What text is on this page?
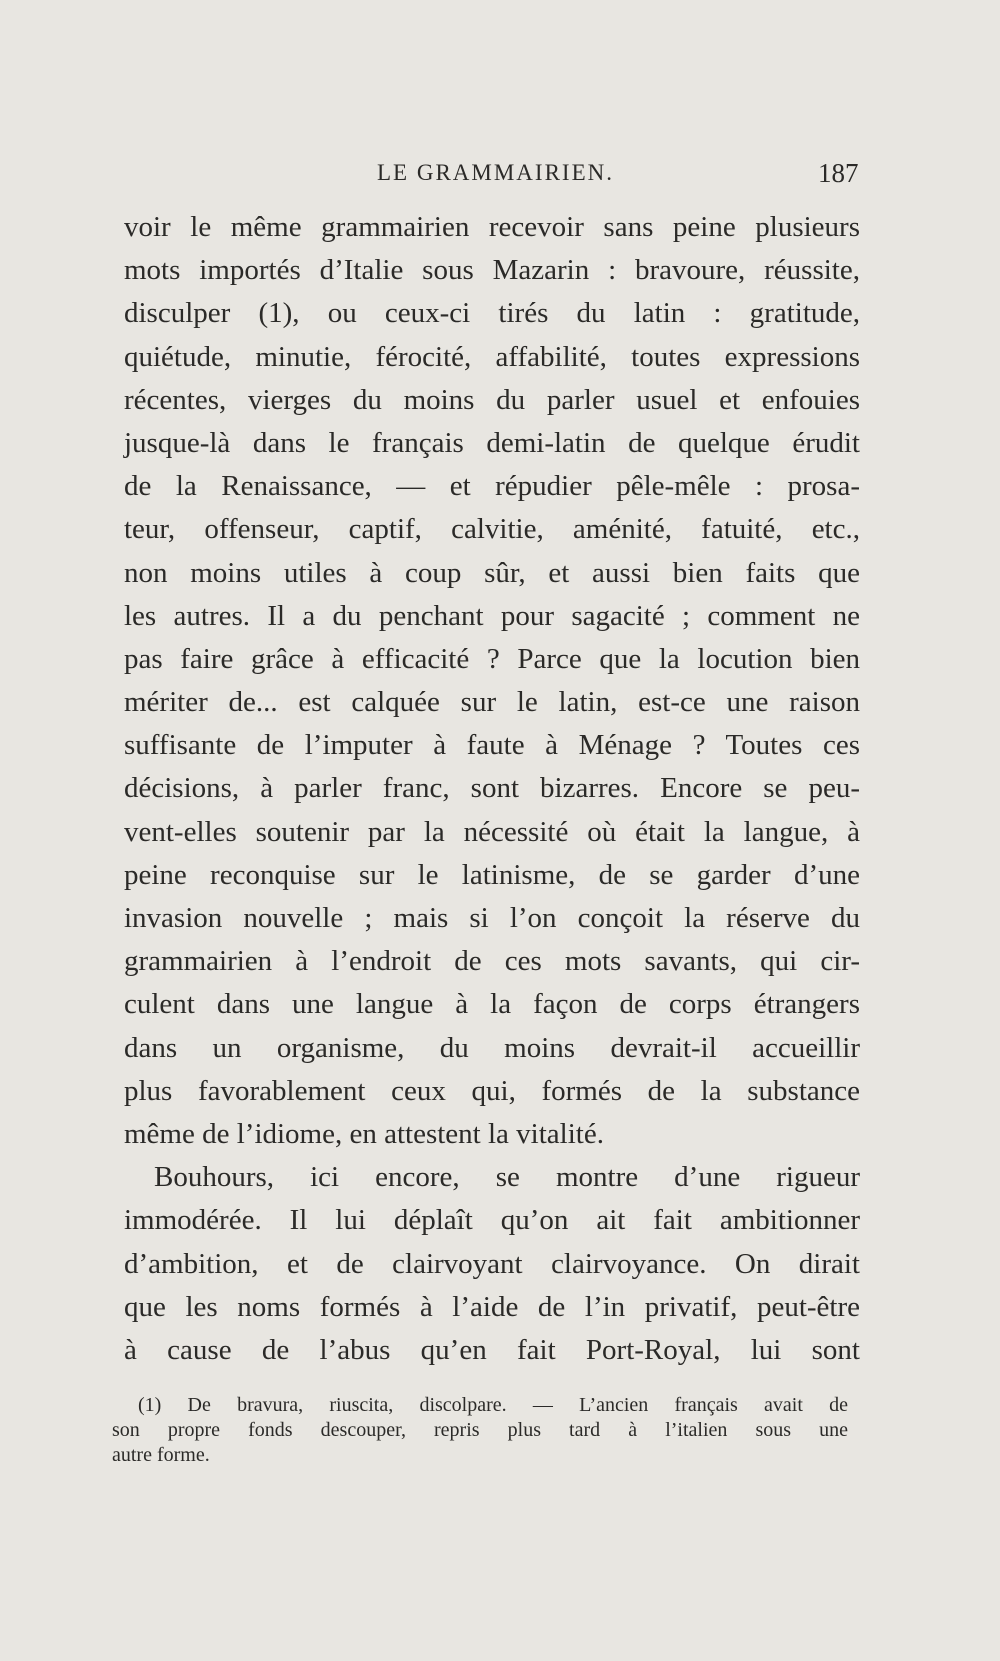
LE GRAMMAIRIEN.	187
voir le même grammairien recevoir sans peine plusieurs
mots importés d’Italie sous Mazarin : bravoure, réussite,
disculper (1), ou ceux-ci tirés du latin : gratitude,
quiétude, minutie, férocité, affabilité, toutes expressions
récentes, vierges du moins du parler usuel et enfouies
jusque-là dans le français demi-latin de quelque érudit
de la Renaissance, — et répudier pêle-mêle : prosa-
teur, offenseur, captif, calvitie, aménité, fatuité, etc.,
non moins utiles à coup sûr, et aussi bien faits que
les autres. Il a du penchant pour sagacité ; comment ne
pas faire grâce à efficacité ? Parce que la locution bien
mériter de... est calquée sur le latin, est-ce une raison
suffisante de l’imputer à faute à Ménage ? Toutes ces
décisions, à parler franc, sont bizarres. Encore se peu-
vent-elles soutenir par la nécessité où était la langue, à
peine reconquise sur le latinisme, de se garder d’une
invasion nouvelle ; mais si l’on conçoit la réserve du
grammairien à l’endroit de ces mots savants, qui cir-
culent dans une langue à la façon de corps étrangers
dans un organisme, du moins devrait-il accueillir
plus favorablement ceux qui, formés de la substance
même de l’idiome, en attestent la vitalité.
Bouhours, ici encore, se montre d’une rigueur
immodérée. Il lui déplaît qu’on ait fait ambitionner
d’ambition, et de clairvoyant clairvoyance. On dirait
que les noms formés à l’aide de l’in privatif, peut-être
à cause de l’abus qu’en fait Port-Royal, lui sont
(1) De bravura, riuscita, discolpare. — L’ancien français avait de
son propre fonds descouper, repris plus tard à l’italien sous une
autre forme.
